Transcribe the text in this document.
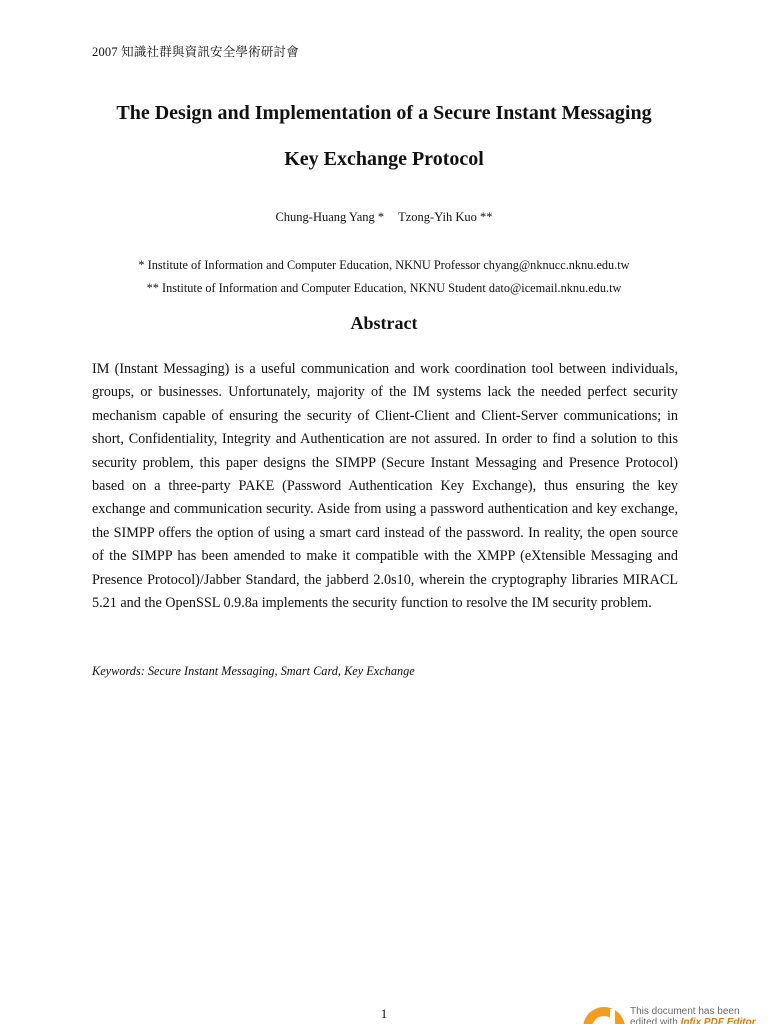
2007 知識社群與資訊安全學術研討會
The Design and Implementation of a Secure Instant Messaging
Key Exchange Protocol
Chung-Huang Yang * Tzong-Yih Kuo **
* Institute of Information and Computer Education, NKNU Professor chyang@nknucc.nknu.edu.tw
** Institute of Information and Computer Education, NKNU Student dato@icemail.nknu.edu.tw
Abstract
IM (Instant Messaging) is a useful communication and work coordination tool between individuals, groups, or businesses. Unfortunately, majority of the IM systems lack the needed perfect security mechanism capable of ensuring the security of Client-Client and Client-Server communications; in short, Confidentiality, Integrity and Authentication are not assured. In order to find a solution to this security problem, this paper designs the SIMPP (Secure Instant Messaging and Presence Protocol) based on a three-party PAKE (Password Authentication Key Exchange), thus ensuring the key exchange and communication security. Aside from using a password authentication and key exchange, the SIMPP offers the option of using a smart card instead of the password. In reality, the open source of the SIMPP has been amended to make it compatible with the XMPP (eXtensible Messaging and Presence Protocol)/Jabber Standard, the jabberd 2.0s10, wherein the cryptography libraries MIRACL 5.21 and the OpenSSL 0.9.8a implements the security function to resolve the IM security problem.
Keywords: Secure Instant Messaging, Smart Card, Key Exchange
1	This document has been
edited with Infix PDF Editor
